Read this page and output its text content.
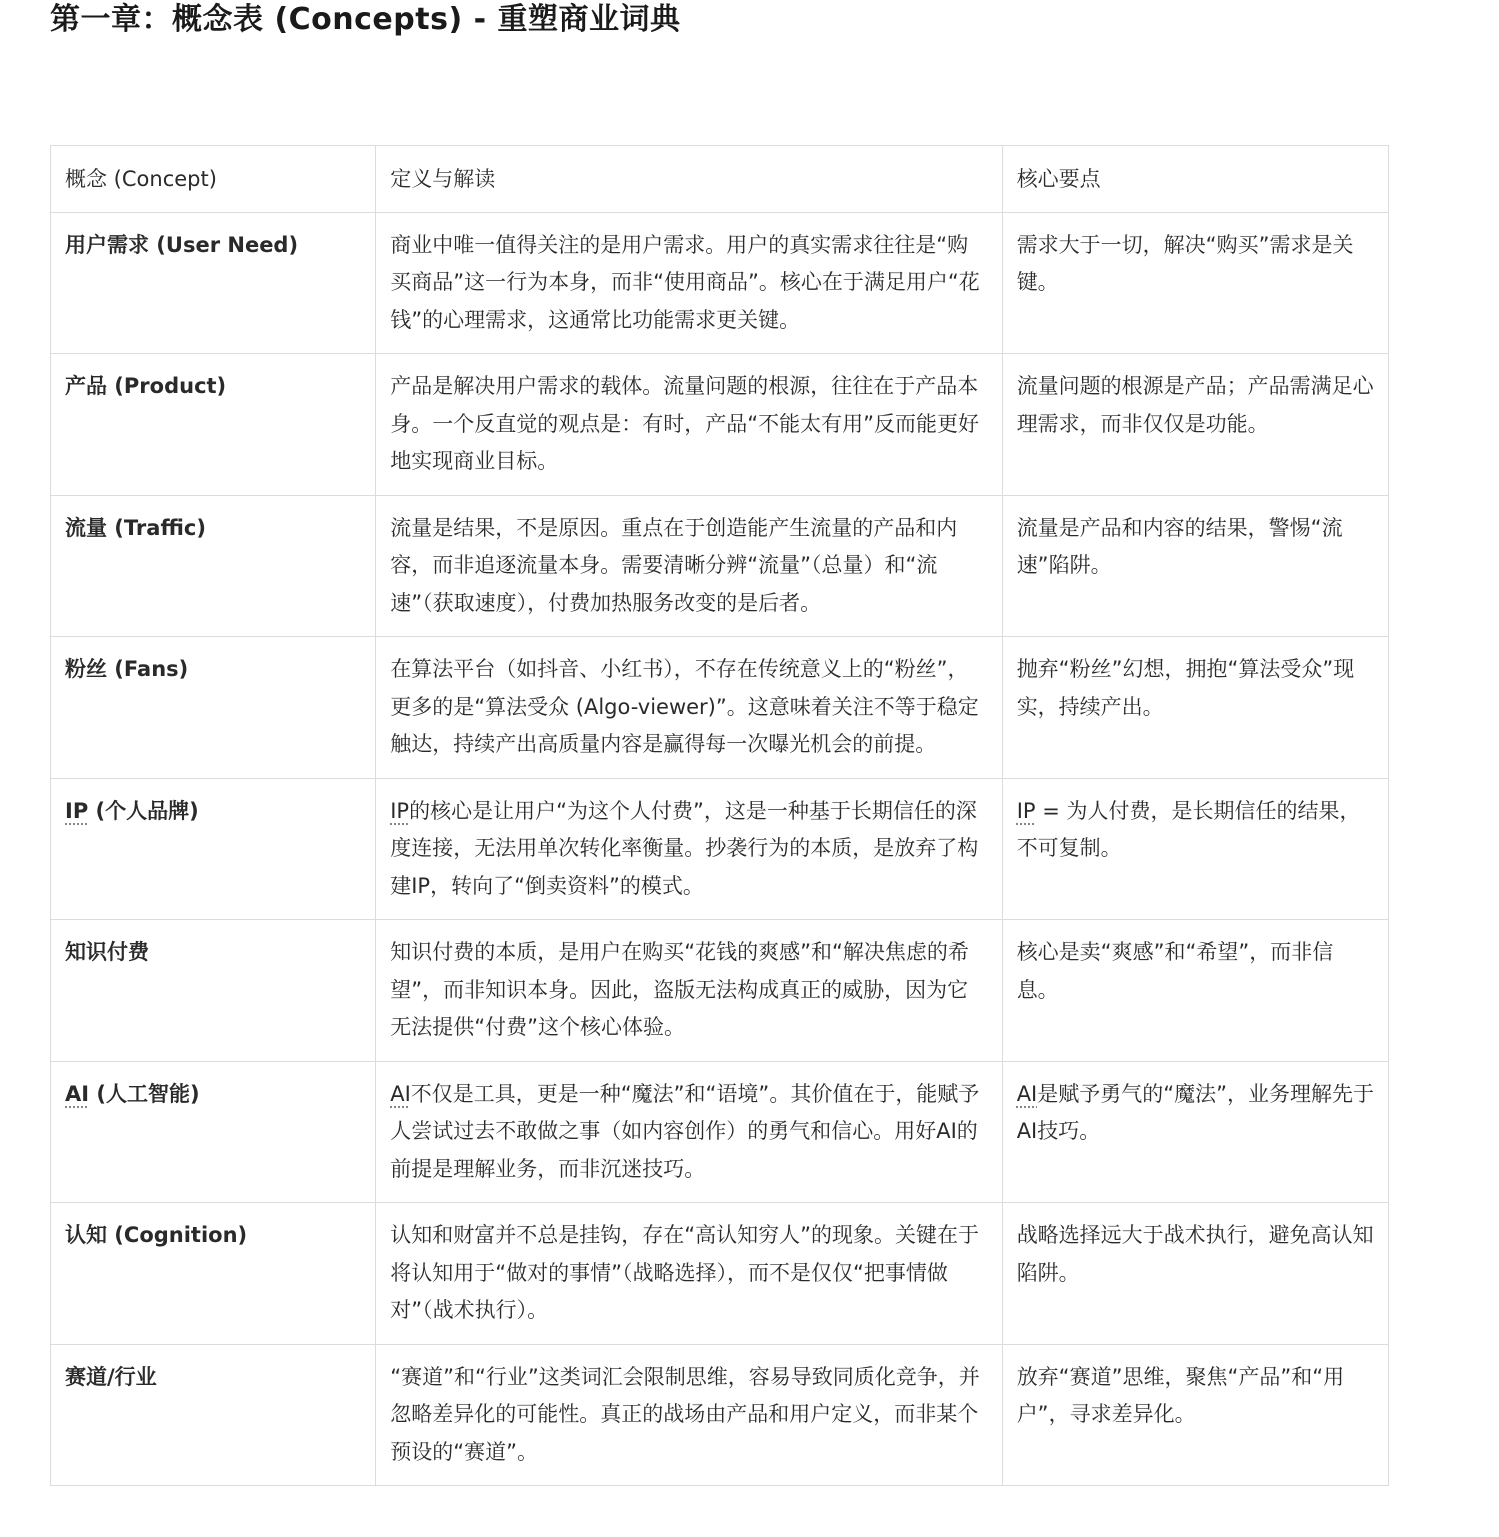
第一章：概念表 (Concepts) - 重塑商业词典
概念 (Concept)	定义与解读	核心要点
用户需求 (User Need)	商业中唯一值得关注的是用户需求。用户的真实需求往往是“购买商品”这一行为本身，而非“使用商品”。核心在于满足用户“花钱”的心理需求，这通常比功能需求更关键。	需求大于一切，解决“购买”需求是关键。
产品 (Product)	产品是解决用户需求的载体。流量问题的根源，往往在于产品本身。一个反直觉的观点是：有时，产品“不能太有用”反而能更好地实现商业目标。	流量问题的根源是产品；产品需满足心理需求，而非仅仅是功能。
流量 (Traffic)	流量是结果，不是原因。重点在于创造能产生流量的产品和内容，而非追逐流量本身。需要清晰分辨“流量”（总量）和“流速”（获取速度），付费加热服务改变的是后者。	流量是产品和内容的结果，警惕“流速”陷阱。
粉丝 (Fans)	在算法平台（如抖音、小红书），不存在传统意义上的“粉丝”，更多的是“算法受众 (Algo-viewer)”。这意味着关注不等于稳定触达，持续产出高质量内容是赢得每一次曝光机会的前提。	抛弃“粉丝”幻想，拥抱“算法受众”现实，持续产出。
IP (个人品牌)	IP的核心是让用户“为这个人付费”，这是一种基于长期信任的深度连接，无法用单次转化率衡量。抄袭行为的本质，是放弃了构建IP，转向了“倒卖资料”的模式。	IP = 为人付费，是长期信任的结果，不可复制。
知识付费	知识付费的本质，是用户在购买“花钱的爽感”和“解决焦虑的希望”，而非知识本身。因此，盗版无法构成真正的威胁，因为它无法提供“付费”这个核心体验。	核心是卖“爽感”和“希望”，而非信息。
AI (人工智能)	AI不仅是工具，更是一种“魔法”和“语境”。其价值在于，能赋予人尝试过去不敢做之事（如内容创作）的勇气和信心。用好AI的前提是理解业务，而非沉迷技巧。	AI是赋予勇气的“魔法”，业务理解先于AI技巧。
认知 (Cognition)	认知和财富并不总是挂钩，存在“高认知穷人”的现象。关键在于将认知用于“做对的事情”（战略选择），而不是仅仅“把事情做对”（战术执行）。	战略选择远大于战术执行，避免高认知陷阱。
赛道/行业	“赛道”和“行业”这类词汇会限制思维，容易导致同质化竞争，并忽略差异化的可能性。真正的战场由产品和用户定义，而非某个预设的“赛道”。	放弃“赛道”思维，聚焦“产品”和“用户”，寻求差异化。
